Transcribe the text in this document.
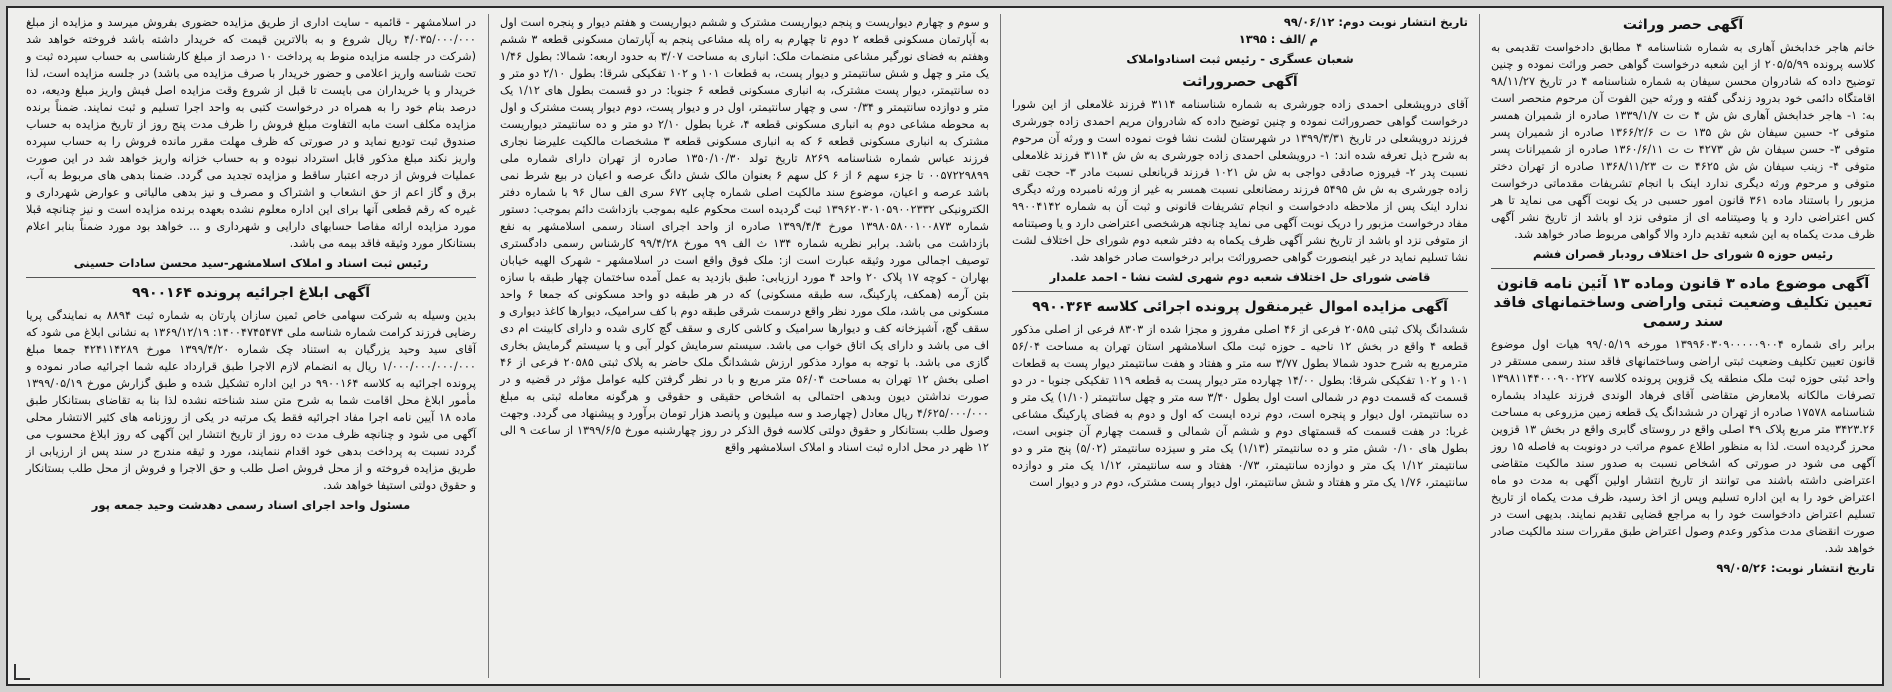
آگهی حصر وراثت

خانم هاجر خدابخش آهاری به شماره شناسنامه ۴ مطابق دادخواست تقدیمی به کلاسه پرونده ۲۰۵/۵/۹۹ از این شعبه درخواست گواهی حصر وراثت نموده و چنین توضیح داده که شادروان محسن سیفان به شماره شناسنامه ۴ در تاریخ ۹۸/۱۱/۲۷ اقامتگاه دائمی خود بدرود زندگی گفته و ورثه حین الفوت آن مرحوم منحصر است به: ۱- هاجر خدابخش آهاری ش ش ۴ ت ت ۱۳۳۹/۱/۷ صادره از شمیران همسر متوفی ۲- حسین سیفان ش ش ۱۳۵ ت ت ۱۳۶۶/۲/۶ صادره از شمیران پسر متوفی ۳- حسن سیفان ش ش ۴۲۷۳ ت ت ۱۳۶۰/۶/۱۱ صادره از شمیرانات پسر متوفی ۴- زینب سیفان ش ش ۴۶۲۵ ت ت ۱۳۶۸/۱۱/۲۳ صادره از تهران دختر متوفی و مرحوم ورثه دیگری ندارد اینک با انجام تشریفات مقدماتی درخواست مزبور را باستناد ماده ۳۶۱ قانون امور حسبی در یک نوبت آگهی می نماید تا هر کس اعتراضی دارد و یا وصیتنامه ای از متوفی نزد او باشد از تاریخ نشر آگهی ظرف مدت یکماه به این شعبه تقدیم دارد والا گواهی مربوط صادر خواهد شد.

رئیس حوزه ۵ شورای حل اختلاف رودبار قصران فشم
آگهی موضوع ماده ۳ قانون وماده ۱۳ آئین نامه قانون تعیین تکلیف وضعیت ثبتی واراضی وساختمانهای فاقد سند رسمی

برابر رای شماره ۱۳۹۹۶۰۳۰۹۰۰۰۰۰۹۰۰۴ مورخه ۹۹/۰۵/۱۹ هیات اول موضوع قانون تعیین تکلیف وضعیت ثبتی اراضی وساختمانهای فاقد سند رسمی مستقر در واحد ثبتی حوزه ثبت ملک منطقه یک قزوین پرونده کلاسه ۱۳۹۸۱۱۴۴۰۰۰۹۰۰۲۲۷ تصرفات مالکانه بلامعارض متقاضی آقای فرهاد الوندی فرزند علیداد بشماره شناسنامه ۱۷۵۷۸ صادره از تهران در ششدانگ یک قطعه زمین مزروعی به مساحت ۳۴۲۳.۲۶ متر مربع پلاک ۴۹ اصلی واقع در روستای گابری واقع در بخش ۱۳ قزوین محرز گردیده است. لذا به منظور اطلاع عموم مراتب در دونوبت به فاصله ۱۵ روز آگهی می شود در صورتی که اشخاص نسبت به صدور سند مالکیت متقاضی اعتراضی داشته باشند می توانند از تاریخ انتشار اولین آگهی به مدت دو ماه اعتراض خود را به این اداره تسلیم وپس از اخذ رسید، ظرف مدت یکماه از تاریخ تسلیم اعتراض دادخواست خود را به مراجع قضایی تقدیم نمایند. بدیهی است در صورت انقضای مدت مذکور وعدم وصول اعتراض طبق مقررات سند مالکیت صادر خواهد شد.

تاریخ انتشار نوبت: ۹۹/۰۵/۲۶
تاریخ انتشار نوبت دوم: ۹۹/۰۶/۱۲
م /الف : ۱۳۹۵
شعبان عسگری - رئیس ثبت اسنادواملاک
آگهی حصروراثت

آقای درویشعلی احمدی زاده جورشری به شماره شناسنامه ۳۱۱۴ فرزند غلامعلی از این شورا درخواست گواهی حصروراثت نموده و چنین توضیح داده که شادروان مریم احمدی زاده جورشری فرزند درویشعلی در تاریخ ۱۳۹۹/۳/۳۱ در شهرستان لشت نشا فوت نموده است و ورثه آن مرحوم به شرح ذیل تعرفه شده اند: ۱- درویشعلی احمدی زاده جورشری به ش ش ۳۱۱۴ فرزند غلامعلی نسبت پدر ۲- فیروزه صادقی دواجی به ش ش ۱۰۲۱ فرزند قربانعلی نسبت مادر ۳- حجت تقی زاده جورشری به ش ش ۵۴۹۵ فرزند رمضانعلی نسبت همسر به غیر از ورثه نامبرده ورثه دیگری ندارد اینک پس از ملاحظه دادخواست و انجام تشریفات قانونی و ثبت آن به شماره ۹۹۰۰۴۱۴۲ مفاد درخواست مزبور را دریک نوبت آگهی می نماید چنانچه هرشخصی اعتراضی دارد و یا وصیتنامه از متوفی نزد او باشد از تاریخ نشر آگهی ظرف یکماه به دفتر شعبه دوم شورای حل اختلاف لشت نشا تسلیم نماید در غیر اینصورت گواهی حصروراثت برابر درخواست صادر خواهد شد.

قاضی شورای حل اختلاف شعبه دوم شهری لشت نشا - احمد علمدار
آگهی مزایده اموال غیرمنقول پرونده اجرائی کلاسه ۹۹۰۰۳۶۴

ششدانگ پلاک ثبتی ۲۰۵۸۵ فرعی از ۴۶ اصلی مفروز و مجزا شده از ۸۳۰۳ فرعی از اصلی مذکور قطعه ۴ واقع در بخش ۱۲ ناحیه ـ حوزه ثبت ملک اسلامشهر استان تهران به مساحت ۵۶/۰۴ مترمربع به شرح حدود شمالا بطول ۳/۷۷ سه متر و هفتاد و هفت سانتیمتر دیوار پست به قطعات ۱۰۱ و ۱۰۲ تفکیکی شرقا: بطول ۱۴/۰۰ چهارده متر دیوار پست به قطعه ۱۱۹ تفکیکی جنوبا - در دو قسمت که قسمت دوم در شمالی است اول بطول ۳/۴۰ سه متر و چهل سانتیمتر (۱/۱۰) یک متر و ده سانتیمتر، اول دیوار و پنجره است، دوم نرده ایست که اول و دوم به فضای پارکینگ مشاعی غربا: در هفت قسمت که قسمتهای دوم و ششم آن شمالی و قسمت چهارم آن جنوبی است، بطول های ۰/۱۰ شش متر و ده سانتیمتر (۱/۱۳) یک متر و سیزده سانتیمتر (۵/۰۲) پنج متر و دو سانتیمتر ۱/۱۲ یک متر و دوازده سانتیمتر، ۰/۷۳ هفتاد و سه سانتیمتر، ۱/۱۲ یک متر و دوازده سانتیمتر، ۱/۷۶ یک متر و هفتاد و شش سانتیمتر، اول دیوار پست مشترک، دوم در و دیوار است

و سوم و چهارم دیواریست و پنجم دیواریست مشترک و ششم دیواریست و هفتم دیوار و پنجره است اول به آپارتمان مسکونی قطعه ۲ دوم تا چهارم به راه پله مشاعی پنجم به آپارتمان مسکونی قطعه ۳ ششم وهفتم به فضای نورگیر مشاعی منضمات ملک: انباری به مساحت ۳/۰۷ به حدود اربعه: شمالا: بطول ۱/۴۶ یک متر و چهل و شش سانتیمتر و دیوار پست، به قطعات ۱۰۱ و ۱۰۲ تفکیکی شرقا: بطول ۲/۱۰ دو متر و ده سانتیمتر، دیوار پست مشترک، به انباری مسکونی قطعه ۶ جنوبا: در دو قسمت بطول های ۱/۱۲ یک متر و دوازده سانتیمتر و ۰/۳۴ سی و چهار سانتیمتر، اول در و دیوار پست، دوم دیوار پست مشترک و اول به محوطه مشاعی دوم به انباری مسکونی قطعه ۴، غربا بطول ۲/۱۰ دو متر و ده سانتیمتر دیواریست مشترک به انباری مسکونی قطعه ۶ که به انباری مسکونی قطعه ۳ مشخصات مالکیت علیرضا نجاری فرزند عباس شماره شناسنامه ۸۲۶۹ تاریخ تولد ۱۳۵۰/۱۰/۳۰ صادره از تهران دارای شماره ملی ۰۰۵۷۲۲۹۸۹۹ تا جزء سهم ۶ از ۶ کل سهم ۶ بعنوان مالک شش دانگ عرصه و اعیان در بیع شرط نمی باشد عرصه و اعیان، موضوع سند مالکیت اصلی شماره چاپی ۶۷۲ سری الف سال ۹۶ با شماره دفتر الکترونیکی ۱۳۹۶۲۰۳۰۱۰۵۹۰۰۲۳۳۲ ثبت گردیده است محکوم علیه بموجب بازداشت دائم بموجب: دستور شماره ۱۳۹۸۰۵۸۰۰۱۰۰۸۷۳ مورخ ۱۳۹۹/۴/۴ صادره از واحد اجرای اسناد رسمی اسلامشهر به نفع بازداشت می باشد. برابر نظریه شماره ۱۳۴ ث الف ۹۹ مورخ ۹۹/۴/۲۸ کارشناس رسمی دادگستری توصیف اجمالی مورد وثیقه عبارت است از: ملک فوق واقع است در اسلامشهر - شهرک الهیه خیابان بهاران - کوچه ۱۷ پلاک ۲۰ واحد ۴ مورد ارزیابی: طبق بازدید به عمل آمده ساختمان چهار طبقه با سازه بتن آرمه (همکف، پارکینگ، سه طبقه مسکونی) که در هر طبقه دو واحد مسکونی که جمعا ۶ واحد مسکونی می باشد، ملک مورد نظر واقع درسمت شرقی طبقه دوم با کف سرامیک، دیوارها کاغذ دیواری و سقف گچ، آشپزخانه کف و دیوارها سرامیک و کاشی کاری و سقف گچ کاری شده و دارای کابینت ام دی اف می باشد و دارای یک اتاق خواب می باشد. سیستم سرمایش کولر آبی و یا سیستم گرمایش بخاری گازی می باشد. با توجه به موارد مذکور ارزش ششدانگ ملک حاضر به پلاک ثبتی ۲۰۵۸۵ فرعی از ۴۶ اصلی بخش ۱۲ تهران به مساحت ۵۶/۰۴ متر مربع و با در نظر گرفتن کلیه عوامل مؤثر در قضیه و در صورت نداشتن دیون وبدهی احتمالی به اشخاص حقیقی و حقوقی و هرگونه معامله ثبتی به مبلغ ۴/۶۲۵/۰۰۰/۰۰۰ ریال معادل (چهارصد و سه میلیون و پانصد هزار تومان برآورد و پیشنهاد می گردد. وجهت وصول طلب بستانکار و حقوق دولتی کلاسه فوق الذکر در روز چهارشنبه مورخ ۱۳۹۹/۶/۵ از ساعت ۹ الی ۱۲ ظهر در محل اداره ثبت اسناد و املاک اسلامشهر واقع

در اسلامشهر - قائمیه - سایت اداری از طریق مزایده حضوری بفروش میرسد و مزایده از مبلغ ۴/۰۳۵/۰۰۰/۰۰۰ ریال شروع و به بالاترین قیمت که خریدار داشته باشد فروخته خواهد شد (شرکت در جلسه مزایده منوط به پرداخت ۱۰ درصد از مبلغ کارشناسی به حساب سپرده ثبت و تحت شناسه واریز اعلامی و حضور خریدار با صرف مزایده می باشد) در جلسه مزایده است، لذا خریدار و یا خریداران می بایست تا قبل از شروع وقت مزایده اصل فیش واریز مبلغ ودیعه، ده درصد بنام خود را به همراه در درخواست کتبی به واحد اجرا تسلیم و ثبت نمایند. ضمناً برنده مزایده مکلف است مابه التفاوت مبلغ فروش را ظرف مدت پنج روز از تاریخ مزایده به حساب صندوق ثبت تودیع نماید و در صورتی که ظرف مهلت مقرر مانده فروش را به حساب سپرده واریز نکند مبلغ مذکور قابل استرداد نبوده و به حساب خزانه واریز خواهد شد در این صورت عملیات فروش از درجه اعتبار ساقط و مزایده تجدید می گردد. ضمنا بدهی های مربوط به آب، برق و گاز اعم از حق انشعاب و اشتراک و مصرف و نیز بدهی مالیاتی و عوارض شهرداری و غیره که رقم قطعی آنها برای این اداره معلوم نشده بعهده برنده مزایده است و نیز چنانچه قبلا مورد مزایده ارائه مفاصا حسابهای دارایی و شهرداری و ... خواهد بود مورد ضمناً بنابر اعلام بستانکار مورد وثیقه فاقد بیمه می باشد.

رئیس ثبت اسناد و املاک اسلامشهر-سید محسن سادات حسینی
آگهی ابلاغ اجرائیه پرونده ۹۹۰۰۱۶۴

بدین وسیله به شرکت سهامی خاص ثمین سازان پارتان به شماره ثبت ۸۸۹۴ به نمایندگی پریا رضایی فرزند کرامت شماره شناسه ملی ۱۴۰۰۴۷۴۵۴۷۴: ۱۳۶۹/۱۲/۱۹ به نشانی ابلاغ می شود که آقای سید وحید یزرگیان به استناد چک شماره ۱۳۹۹/۴/۲۰ مورخ ۴۲۴۱۱۴۲۸۹ جمعا مبلغ ۱/۰۰۰/۰۰۰/۰۰۰/۰۰۰ ریال به انضمام لازم الاجرا طبق قرارداد علیه شما اجرائیه صادر نموده و پرونده اجرائیه به کلاسه ۹۹۰۰۱۶۴ در این اداره تشکیل شده و طبق گزارش مورخ ۱۳۹۹/۰۵/۱۹ مأمور ابلاغ محل اقامت شما به شرح متن سند شناخته نشده لذا بنا به تقاضای بستانکار طبق ماده ۱۸ آیین نامه اجرا مفاد اجرائیه فقط یک مرتبه در یکی از روزنامه های کثیر الانتشار محلی آگهی می شود و چنانچه ظرف مدت ده روز از تاریخ انتشار این آگهی که روز ابلاغ محسوب می گردد نسبت به پرداخت بدهی خود اقدام ننمایند، مورد و ثیقه مندرج در سند پس از ارزیابی از طریق مزایده فروخته و از محل فروش اصل طلب و حق الاجرا و فروش از محل طلب بستانکار و حقوق دولتی استیفا خواهد شد.

مسئول واحد اجرای اسناد رسمی دهدشت وحید جمعه پور
